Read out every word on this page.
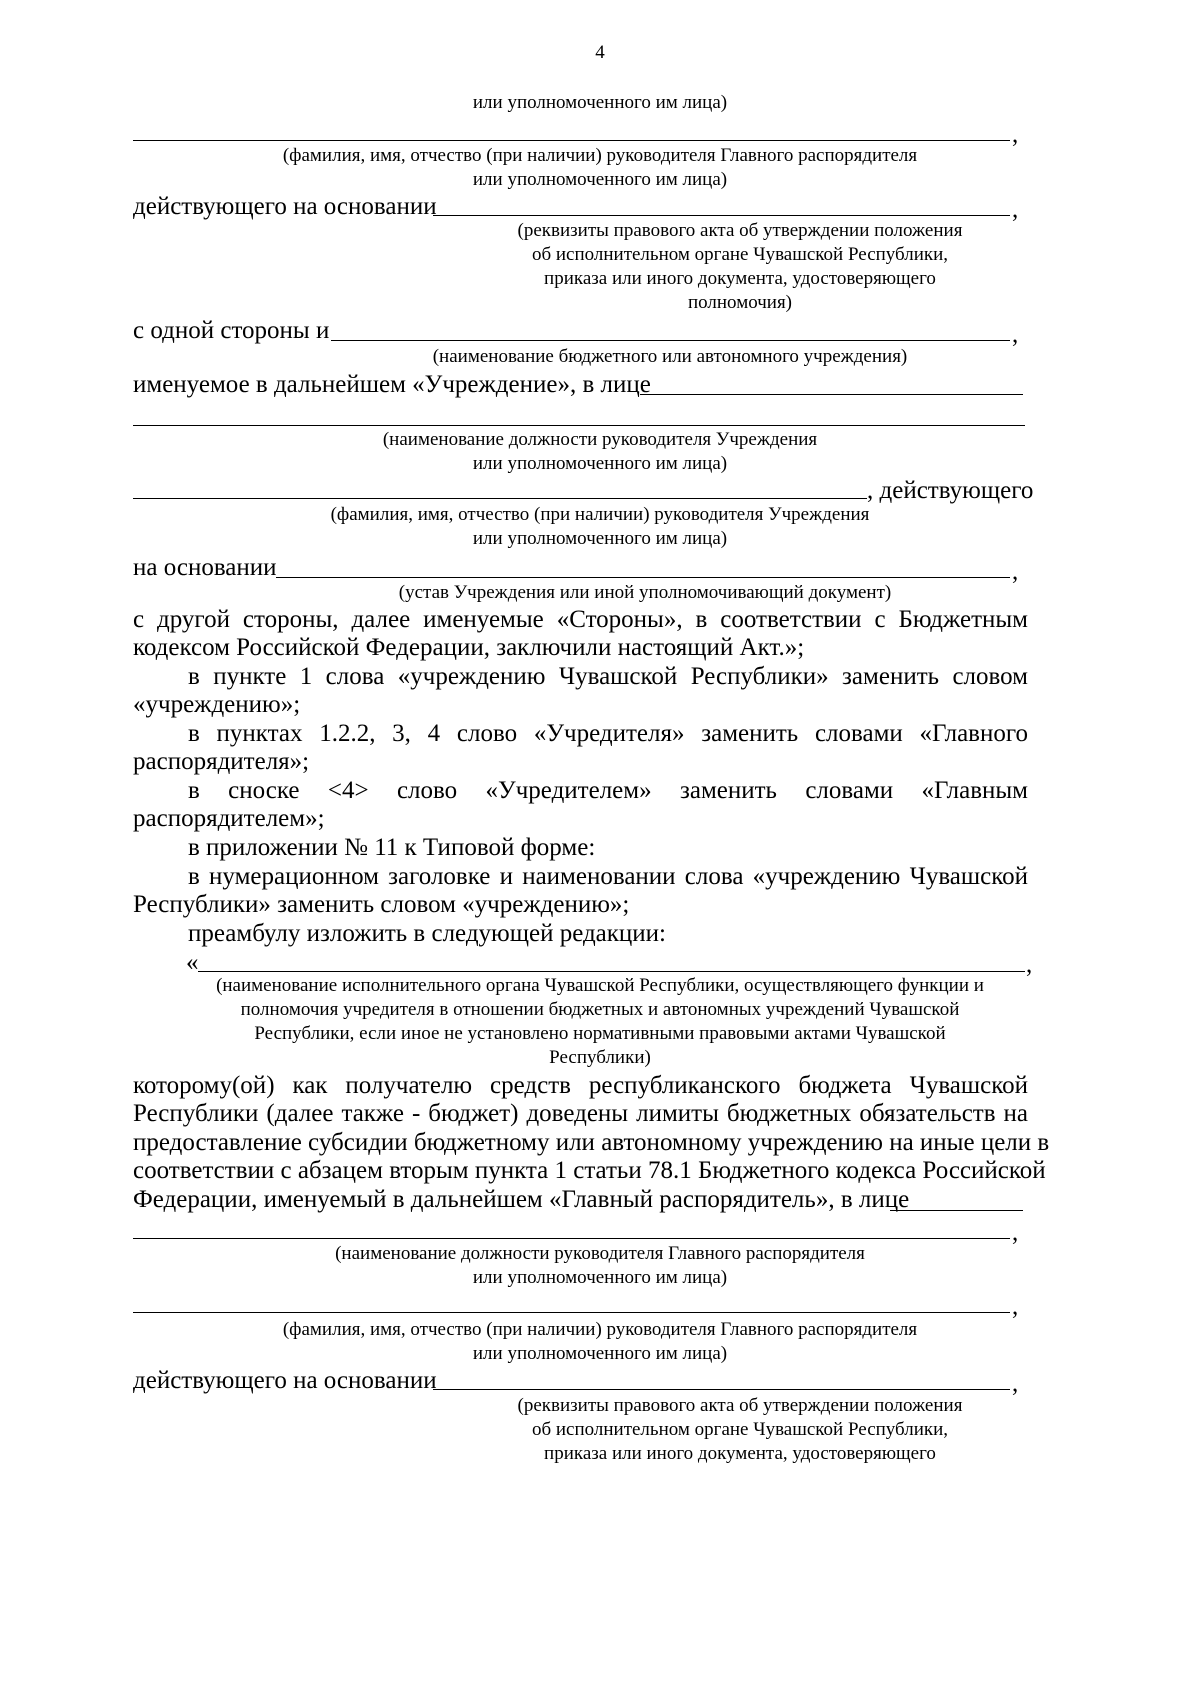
4
или уполномоченного им лица)
,
(фамилия, имя, отчество (при наличии) руководителя Главного распорядителя
или уполномоченного им лица)
действующего на основании	,
(реквизиты правового акта об утверждении положения
об исполнительном органе Чувашской Республики,
приказа или иного документа, удостоверяющего
полномочия)
с одной стороны и	,
(наименование бюджетного или автономного учреждения)
именуемое в дальнейшем «Учреждение», в лице
(наименование должности руководителя Учреждения
или уполномоченного им лица)
, действующего
(фамилия, имя, отчество (при наличии) руководителя Учреждения
или уполномоченного им лица)
на основании	,
(устав Учреждения или иной уполномочивающий документ)
с другой стороны, далее именуемые «Стороны», в соответствии с Бюджетным
кодексом Российской Федерации, заключили настоящий Акт.»;
в пункте 1 слова «учреждению Чувашской Республики» заменить словом
«учреждению»;
в пунктах 1.2.2, 3, 4 слово «Учредителя» заменить словами «Главного
распорядителя»;
в сноске <4> слово «Учредителем» заменить словами «Главным
распорядителем»;
в приложении № 11 к Типовой форме:
в нумерационном заголовке и наименовании слова «учреждению Чувашской
Республики» заменить словом «учреждению»;
преамбулу изложить в следующей редакции:
«	,
(наименование исполнительного органа Чувашской Республики, осуществляющего функции и
полномочия учредителя в отношении бюджетных и автономных учреждений Чувашской
Республики, если иное не установлено нормативными правовыми актами Чувашской
Республики)
которому(ой) как получателю средств республиканского бюджета Чувашской
Республики (далее также - бюджет) доведены лимиты бюджетных обязательств на
предоставление субсидии бюджетному или автономному учреждению на иные цели в
соответствии с абзацем вторым пункта 1 статьи 78.1 Бюджетного кодекса Российской
Федерации, именуемый в дальнейшем «Главный распорядитель», в лице
,
(наименование должности руководителя Главного распорядителя
или уполномоченного им лица)
,
(фамилия, имя, отчество (при наличии) руководителя Главного распорядителя
или уполномоченного им лица)
действующего на основании	,
(реквизиты правового акта об утверждении положения
об исполнительном органе Чувашской Республики,
приказа или иного документа, удостоверяющего
